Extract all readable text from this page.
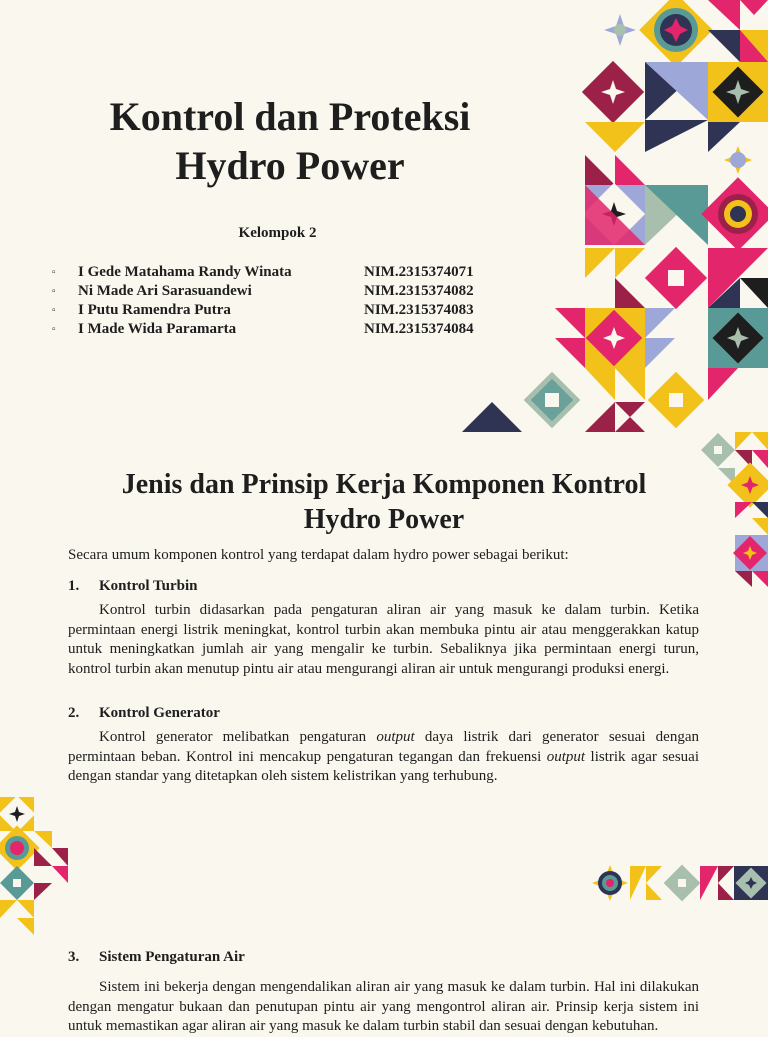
Kontrol dan Proteksi
Hydro Power
Kelompok 2
▫	I Gede Matahama Randy Winata	NIM.2315374071
▫	Ni Made Ari Sarasuandewi	NIM.2315374082
▫	I Putu Ramendra Putra	NIM.2315374083
▫	I Made Wida Paramarta	NIM.2315374084
Jenis dan Prinsip Kerja Komponen Kontrol
Hydro Power
Secara umum komponen kontrol yang terdapat dalam hydro power sebagai berikut:
1. Kontrol Turbin
Kontrol turbin didasarkan pada pengaturan aliran air yang masuk ke dalam turbin. Ketika permintaan energi listrik meningkat, kontrol turbin akan membuka pintu air atau menggerakkan katup untuk meningkatkan jumlah air yang mengalir ke turbin. Sebaliknya jika permintaan energi turun, kontrol turbin akan menutup pintu air atau mengurangi aliran air untuk mengurangi produksi energi.
2. Kontrol Generator
Kontrol generator melibatkan pengaturan output daya listrik dari generator sesuai dengan permintaan beban. Kontrol ini mencakup pengaturan tegangan dan frekuensi output listrik agar sesuai dengan standar yang ditetapkan oleh sistem kelistrikan yang terhubung.
3. Sistem Pengaturan Air
Sistem ini bekerja dengan mengendalikan aliran air yang masuk ke dalam turbin. Hal ini dilakukan dengan mengatur bukaan dan penutupan pintu air yang mengontrol aliran air. Prinsip kerja sistem ini untuk memastikan agar aliran air yang masuk ke dalam turbin stabil dan sesuai dengan kebutuhan.
